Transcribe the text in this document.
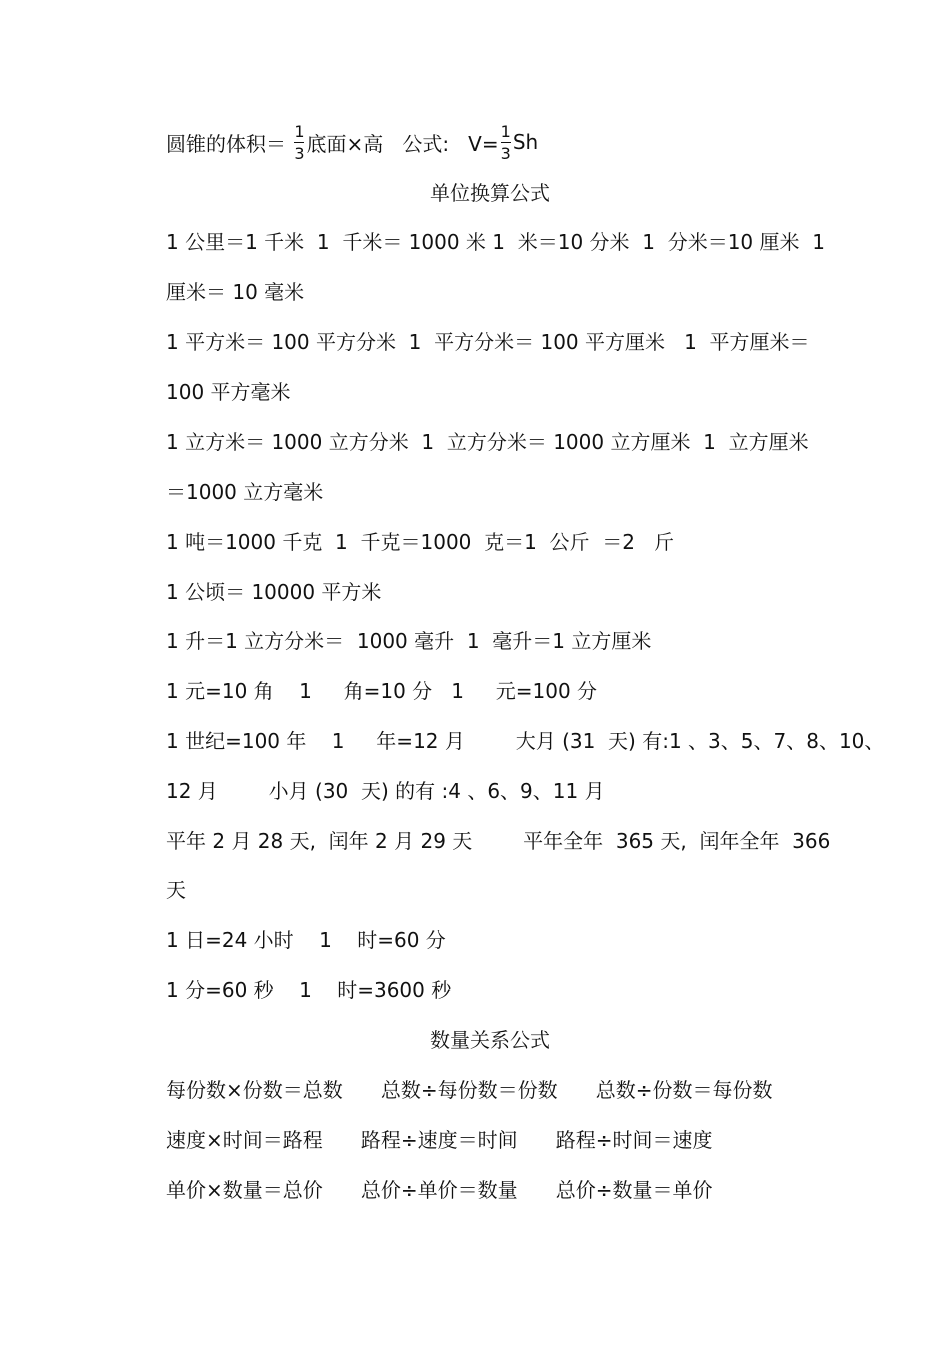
圆锥的体积＝ $\frac{1}{3}$ 底面×高   公式:   $V= \frac{1}{3}$ Sh
单位换算公式
1 公里＝1 千米  1  千米＝ 1000 米 1  米＝10 分米  1  分米＝10 厘米  1
厘米＝ 10 毫米
1 平方米＝ 100 平方分米  1  平方分米＝ 100 平方厘米   1  平方厘米＝
100 平方毫米
1 立方米＝ 1000 立方分米  1  立方分米＝ 1000 立方厘米  1  立方厘米
＝1000 立方毫米
1 吨＝1000 千克  1  千克＝1000  克＝1  公斤  ＝2   斤
1 公顷＝ 10000 平方米
1 升＝1 立方分米＝  1000 毫升  1  毫升＝1 立方厘米
1 元=10 角    1     角=10 分   1     元=100 分
1 世纪=100 年    1     年=12 月        大月 (31  天) 有:1 、3、5、7、8、10、
12 月        小月 (30  天) 的有 :4 、6、9、11 月
平年 2 月 28 天,  闰年 2 月 29 天        平年全年  365 天,  闰年全年  366
天
1 日=24 小时    1    时=60 分
1 分=60 秒    1    时=3600 秒
数量关系公式
每份数×份数＝总数      总数÷每份数＝份数      总数÷份数＝每份数
速度×时间＝路程      路程÷速度＝时间      路程÷时间＝速度
单价×数量＝总价      总价÷单价＝数量      总价÷数量＝单价
